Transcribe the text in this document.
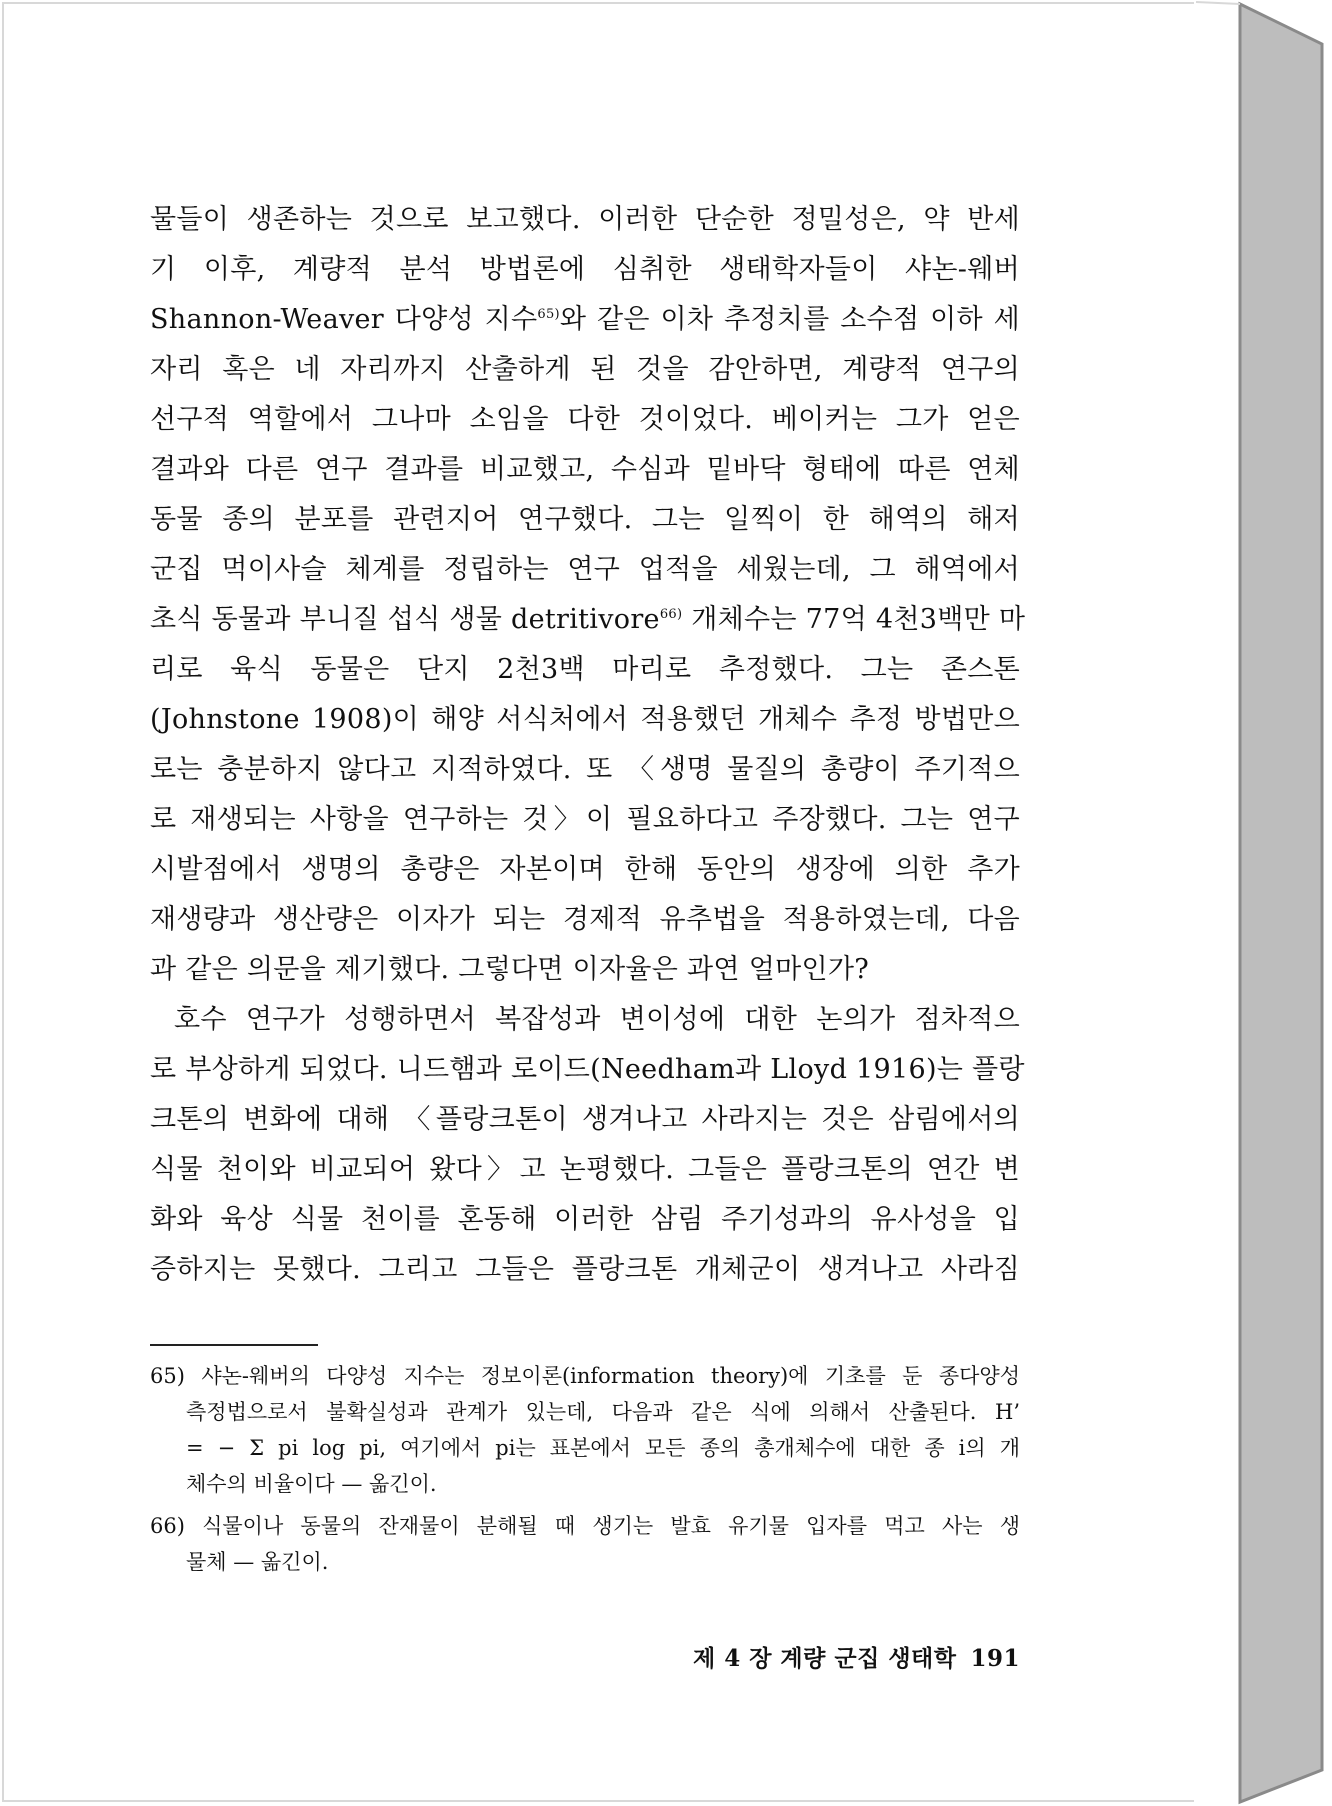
물들이 생존하는 것으로 보고했다. 이러한 단순한 정밀성은, 약 반세
기 이후, 계량적 분석 방법론에 심취한 생태학자들이 샤논-웨버
Shannon-Weaver 다양성 지수$^{65)}$와 같은 이차 추정치를 소수점 이하 세
자리 혹은 네 자리까지 산출하게 된 것을 감안하면, 계량적 연구의
선구적 역할에서 그나마 소임을 다한 것이었다. 베이커는 그가 얻은
결과와 다른 연구 결과를 비교했고, 수심과 밑바닥 형태에 따른 연체
동물 종의 분포를 관련지어 연구했다. 그는 일찍이 한 해역의 해저
군집 먹이사슬 체계를 정립하는 연구 업적을 세웠는데, 그 해역에서
초식 동물과 부니질 섭식 생물 detritivore$^{66)}$ 개체수는 77억 4천3백만 마
리로 육식 동물은 단지 2천3백 마리로 추정했다. 그는 존스톤
(Johnstone 1908)이 해양 서식처에서 적용했던 개체수 추정 방법만으
로는 충분하지 않다고 지적하였다. 또 〈생명 물질의 총량이 주기적으
로 재생되는 사항을 연구하는 것〉이 필요하다고 주장했다. 그는 연구
시발점에서 생명의 총량은 자본이며 한해 동안의 생장에 의한 추가
재생량과 생산량은 이자가 되는 경제적 유추법을 적용하였는데, 다음
과 같은 의문을 제기했다. 그렇다면 이자율은 과연 얼마인가?
호수 연구가 성행하면서 복잡성과 변이성에 대한 논의가 점차적으
로 부상하게 되었다. 니드햄과 로이드(Needham과 Lloyd 1916)는 플랑
크톤의 변화에 대해 〈플랑크톤이 생겨나고 사라지는 것은 삼림에서의
식물 천이와 비교되어 왔다〉고 논평했다. 그들은 플랑크톤의 연간 변
화와 육상 식물 천이를 혼동해 이러한 삼림 주기성과의 유사성을 입
증하지는 못했다. 그리고 그들은 플랑크톤 개체군이 생겨나고 사라짐
65) 샤논-웨버의 다양성 지수는 정보이론(information theory)에 기초를 둔 종다양성
측정법으로서 불확실성과 관계가 있는데, 다음과 같은 식에 의해서 산출된다. H’
= − Σ pi log pi, 여기에서 pi는 표본에서 모든 종의 총개체수에 대한 종 i의 개
체수의 비율이다 — 옮긴이.
66) 식물이나 동물의 잔재물이 분해될 때 생기는 발효 유기물 입자를 먹고 사는 생
물체 — 옮긴이.
제 4 장 계량 군집 생태학 191
